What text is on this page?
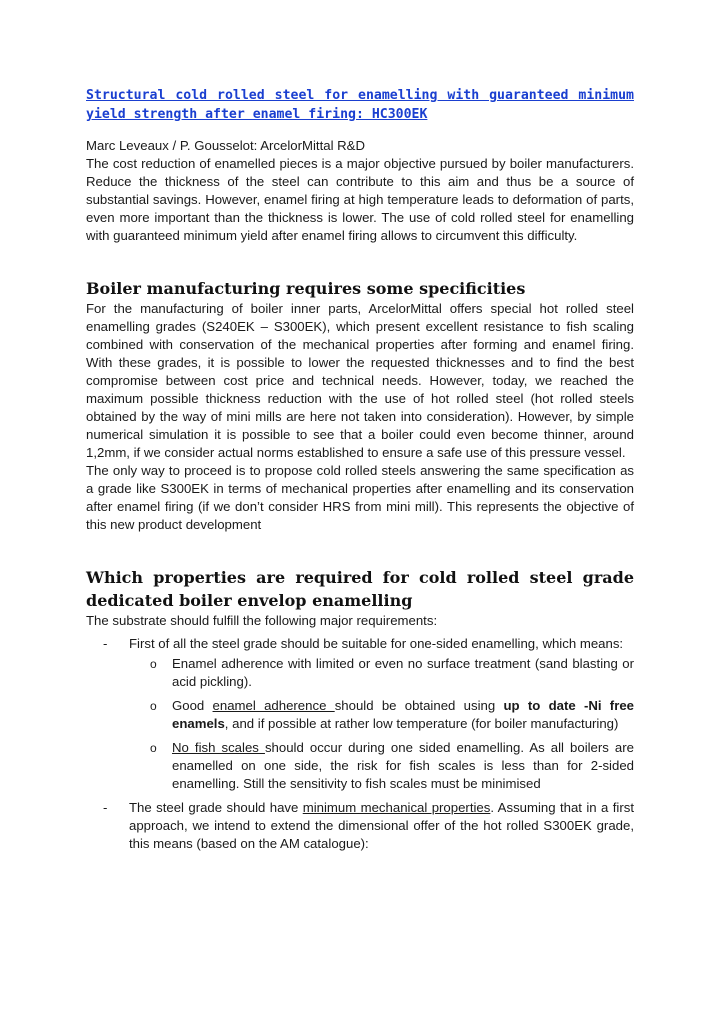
Structural cold rolled steel for enamelling with guaranteed minimum yield strength after enamel firing: HC300EK

Marc Leveaux / P. Gousselot: ArcelorMittal R&D

The cost reduction of enamelled pieces is a major objective pursued by boiler manufacturers. Reduce the thickness of the steel can contribute to this aim and thus be a source of substantial savings. However, enamel firing at high temperature leads to deformation of parts, even more important than the thickness is lower. The use of cold rolled steel for enamelling with guaranteed minimum yield after enamel firing allows to circumvent this difficulty.

Boiler manufacturing requires some specificities

For the manufacturing of boiler inner parts, ArcelorMittal offers special hot rolled steel enamelling grades (S240EK – S300EK), which present excellent resistance to fish scaling combined with conservation of the mechanical properties after forming and enamel firing. With these grades, it is possible to lower the requested thicknesses and to find the best compromise between cost price and technical needs. However, today, we reached the maximum possible thickness reduction with the use of hot rolled steel (hot rolled steels obtained by the way of mini mills are here not taken into consideration). However, by simple numerical simulation it is possible to see that a boiler could even become thinner, around 1,2mm, if we consider actual norms established to ensure a safe use of this pressure vessel.

The only way to proceed is to propose cold rolled steels answering the same specification as a grade like S300EK in terms of mechanical properties after enamelling and its conservation after enamel firing (if we don’t consider HRS from mini mill). This represents the objective of this new product development

Which properties are required for cold rolled steel grade dedicated boiler envelop enamelling

The substrate should fulfill the following major requirements:

- First of all the steel grade should be suitable for one-sided enamelling, which means:

o Enamel adherence with limited or even no surface treatment (sand blasting or acid pickling).

o Good enamel adherence should be obtained using up to date -Ni free enamels, and if possible at rather low temperature (for boiler manufacturing)

o No fish scales should occur during one sided enamelling. As all boilers are enamelled on one side, the risk for fish scales is less than for 2-sided enamelling. Still the sensitivity to fish scales must be minimised

- The steel grade should have minimum mechanical properties. Assuming that in a first approach, we intend to extend the dimensional offer of the hot rolled S300EK grade, this means (based on the AM catalogue):
